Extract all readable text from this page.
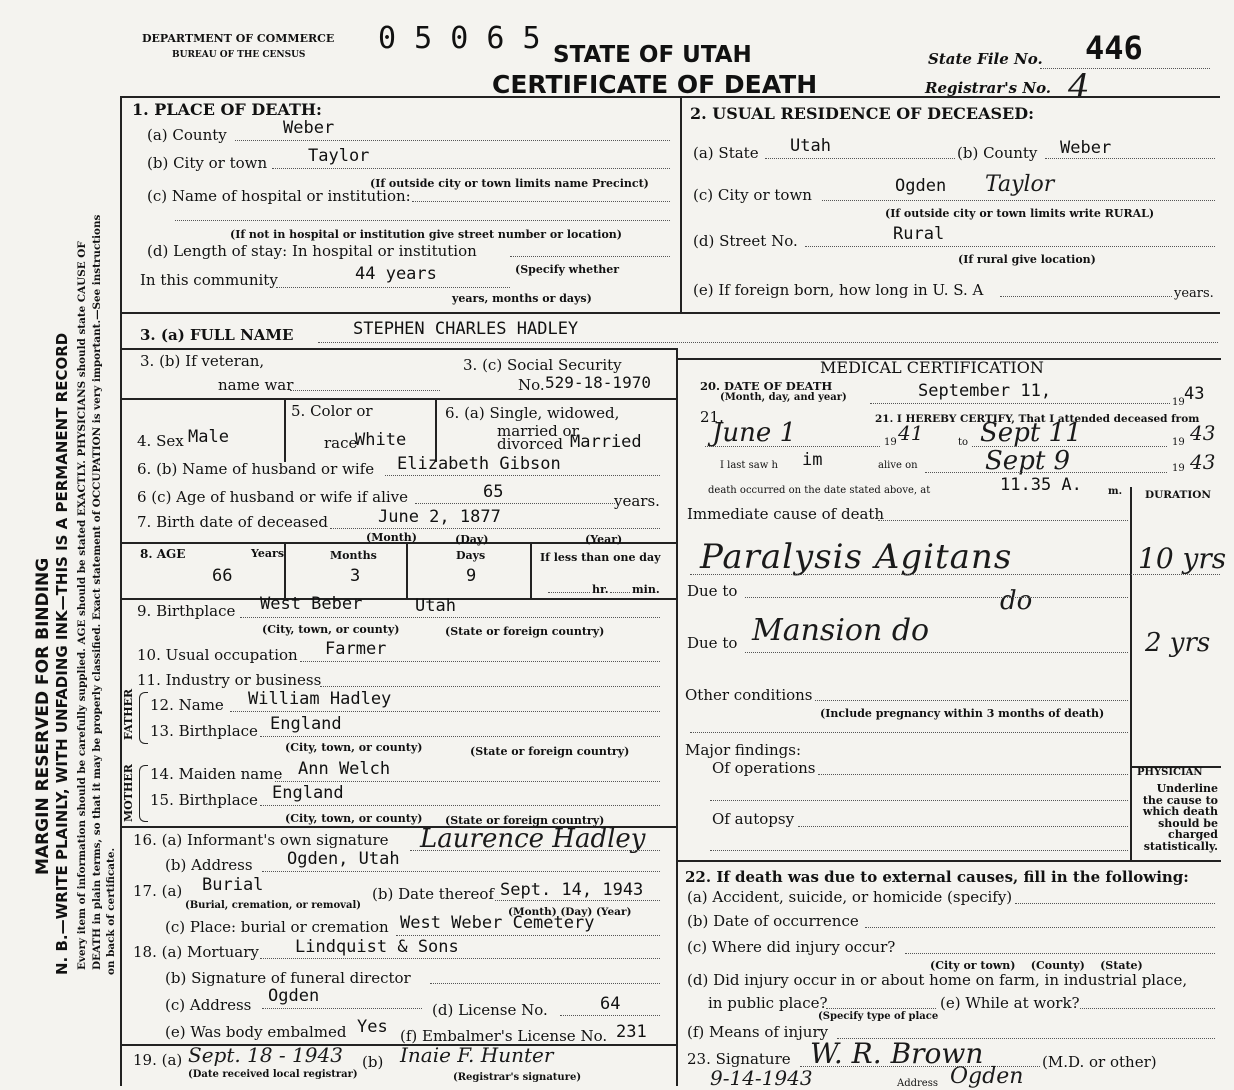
MARGIN RESERVED FOR BINDING N. B.—WRITE PLAINLY, WITH UNFADING INK—THIS IS A PERMANENT RECORD Every item of information should be carefully supplied. AGE should be stated EXACTLY. PHYSICIANS should state CAUSE OF DEATH in plain terms, so that it may be properly classified. Exact statement of OCCUPATION is very important.—See instructions on back of certificate.
DEPARTMENT OF COMMERCE
BUREAU OF THE CENSUS 0 5 0 6 5 STATE OF UTAH
CERTIFICATE OF DEATH
State File No. 446
Registrar's No. 4
1. PLACE OF DEATH:
(a) County	Weber
(b) City or town Taylor
(If outside city or town limits name Precinct)
(c) Name of hospital or institution:
(If not in hospital or institution give street number or location)
(d) Length of stay: In hospital or institution
In this community	44 years	(Specify whether
years, months or days)
2. USUAL RESIDENCE OF DECEASED:
(a) State Utah	(b) County Weber
(c) City or town	Ogden Taylor
(If outside city or town limits write RURAL)
(d) Street No.	Rural
(If rural give location)
(e) If foreign born, how long in U. S. A	years.
3. (a) FULL NAME	STEPHEN CHARLES HADLEY
3. (b) If veteran,
name war
3. (c) Social Security
No. 529-18-1970
MEDICAL CERTIFICATION
20. DATE OF DEATH
(Month, day, and year)	September 11,
19 43
4. Sex Male
5. Color or
race
White
6. (a) Single, widowed,
married or
divorced Married
6. (b) Name of husband or wife Elizabeth Gibson
6 (c) Age of husband or wife if alive	65	years.
7. Birth date of deceased	June 2, 1877
(Month)	(Day)	(Year)
8. AGE	Years	Months	Days	If less than one day
66	3	9
hr. min.
9. Birthplace West Beber	Utah
(City, town, or county)	(State or foreign country)
10. Usual occupation Farmer
11. Industry or business
FATHER
MOTHER
12. Name William Hadley
13. Birthplace England
(City, town, or county)	(State or foreign country)
14. Maiden name Ann Welch
15. Birthplace England
(City, town, or county) (State or foreign country)
16. (a) Informant's own signature Laurence Hadley
(b) Address Ogden, Utah
17. (a) Burial
(Burial, cremation, or removal)
(b) Date thereof Sept. 14, 1943
(Month) (Day) (Year)
(c) Place: burial or cremation West Weber Cemetery
18. (a) Mortuary Lindquist & Sons
(b) Signature of funeral director
(c) Address Ogden
(d) License No.	64
(e) Was body embalmed Yes (f) Embalmer's License No. 231
19. (a) Sept. 18 - 1943
(Date received local registrar)
(b) Inaie F. Hunter
(Registrar's signature)
21.	21. I HEREBY CERTIFY, That I attended deceased from
June 1	19 41	to Sept 11	19 43
I last saw h im	alive on	Sept 9	19 43
death occurred on the date stated above, at	11.35 A.	m. DURATION
Immediate cause of death
Paralysis Agitans	10 yrs
Due to	do
Due to Mansion do	2 yrs
Other conditions
(Include pregnancy within 3 months of death)
Major findings:
Of operations
Of autopsy
PHYSICIAN
Underline the cause to which death should be charged statistically.
22. If death was due to external causes, fill in the following:
(a) Accident, suicide, or homicide (specify)
(b) Date of occurrence
(c) Where did injury occur?
(City or town)    (County)    (State)
(d) Did injury occur in or about home on farm, in industrial place,
in public place?	(e) While at work?
(Specify type of place
(f) Means of injury
23. Signature W. R. Brown	(M.D. or other)
9-14-1943	Address Ogden
